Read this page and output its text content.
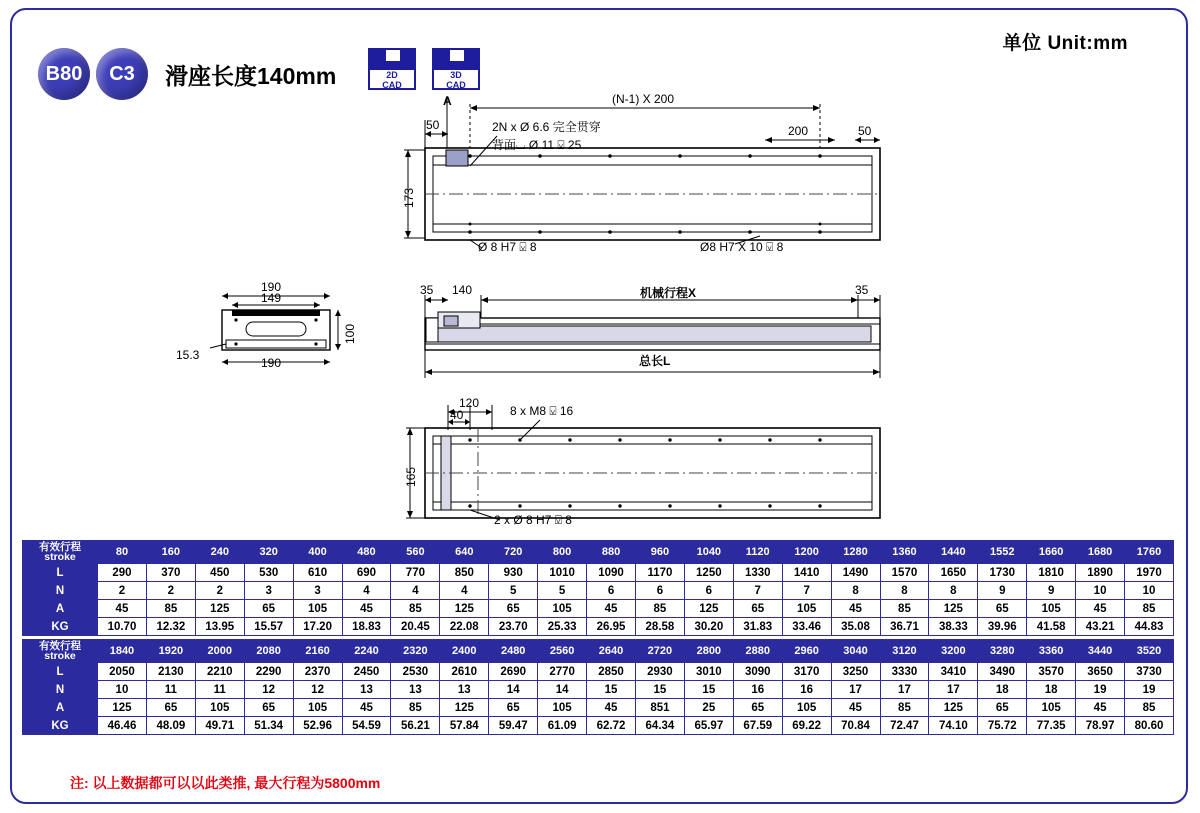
单位 Unit:mm
B80	C3	滑座长度140mm	2D
CAD
3D
CAD
A
50
(N-1) X 200
200	50
173
2N x Ø 6.6 完全贯穿
背面⌴ Ø 11 ⍌ 25
Ø 8 H7 ⍌ 8	Ø8 H7 X 10 ⍌ 8
190
149
100
15.3
190
35 140	机械行程X	35
总长L
120
40	8 x M8 ⍌ 16
165
2 x Ø 8 H7 ⍌ 8
有效行程
stroke	80	160	240	320	400	480	560	640	720	800	880	960	1040	1120	1200	1280	1360	1440	1552	1660	1680	1760
L	290	370	450	530	610	690	770	850	930	1010	1090	1170	1250	1330	1410	1490	1570	1650	1730	1810	1890	1970
N	2	2	2	3	3	4	4	4	5	5	6	6	6	7	7	8	8	8	9	9	10	10
A	45	85	125	65	105	45	85	125	65	105	45	85	125	65	105	45	85	125	65	105	45	85
KG	10.70	12.32	13.95	15.57	17.20	18.83	20.45	22.08	23.70	25.33	26.95	28.58	30.20	31.83	33.46	35.08	36.71	38.33	39.96	41.58	43.21	44.83
有效行程
stroke	1840	1920	2000	2080	2160	2240	2320	2400	2480	2560	2640	2720	2800	2880	2960	3040	3120	3200	3280	3360	3440	3520
L	2050	2130	2210	2290	2370	2450	2530	2610	2690	2770	2850	2930	3010	3090	3170	3250	3330	3410	3490	3570	3650	3730
N	10	11	11	12	12	13	13	13	14	14	15	15	15	16	16	17	17	17	18	18	19	19
A	125	65	105	65	105	45	85	125	65	105	45	851	25	65	105	45	85	125	65	105	45	85
KG	46.46	48.09	49.71	51.34	52.96	54.59	56.21	57.84	59.47	61.09	62.72	64.34	65.97	67.59	69.22	70.84	72.47	74.10	75.72	77.35	78.97	80.60
注: 以上数据都可以以此类推, 最大行程为5800mm
